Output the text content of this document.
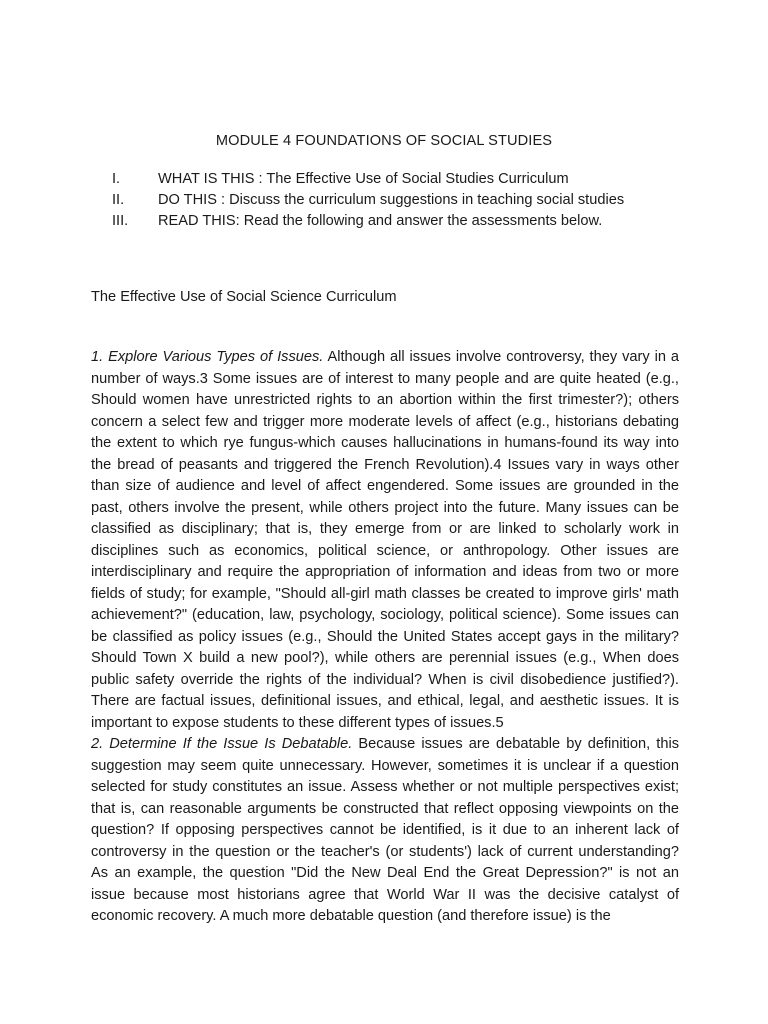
MODULE 4 FOUNDATIONS OF SOCIAL STUDIES
I.	WHAT IS THIS : The Effective Use of Social Studies Curriculum
II.	DO THIS : Discuss the curriculum suggestions in teaching social studies
III.	READ THIS: Read the following and answer the assessments below.
The Effective Use of Social Science Curriculum

1. Explore Various Types of Issues. Although all issues involve controversy, they vary in a number of ways.3 Some issues are of interest to many people and are quite heated (e.g., Should women have unrestricted rights to an abortion within the first trimester?); others concern a select few and trigger more moderate levels of affect (e.g., historians debating the extent to which rye fungus-which causes hallucinations in humans-found its way into the bread of peasants and triggered the French Revolution).4 Issues vary in ways other than size of audience and level of affect engendered. Some issues are grounded in the past, others involve the present, while others project into the future. Many issues can be classified as disciplinary; that is, they emerge from or are linked to scholarly work in disciplines such as economics, political science, or anthropology. Other issues are interdisciplinary and require the appropriation of information and ideas from two or more fields of study; for example, "Should all-girl math classes be created to improve girls' math achievement?" (education, law, psychology, sociology, political science). Some issues can be classified as policy issues (e.g., Should the United States accept gays in the military? Should Town X build a new pool?), while others are perennial issues (e.g., When does public safety override the rights of the individual? When is civil disobedience justified?). There are factual issues, definitional issues, and ethical, legal, and aesthetic issues. It is important to expose students to these different types of issues.5

2. Determine If the Issue Is Debatable. Because issues are debatable by definition, this suggestion may seem quite unnecessary. However, sometimes it is unclear if a question selected for study constitutes an issue. Assess whether or not multiple perspectives exist; that is, can reasonable arguments be constructed that reflect opposing viewpoints on the question? If opposing perspectives cannot be identified, is it due to an inherent lack of controversy in the question or the teacher's (or students') lack of current understanding? As an example, the question "Did the New Deal End the Great Depression?" is not an issue because most historians agree that World War II was the decisive catalyst of economic recovery. A much more debatable question (and therefore issue) is the
